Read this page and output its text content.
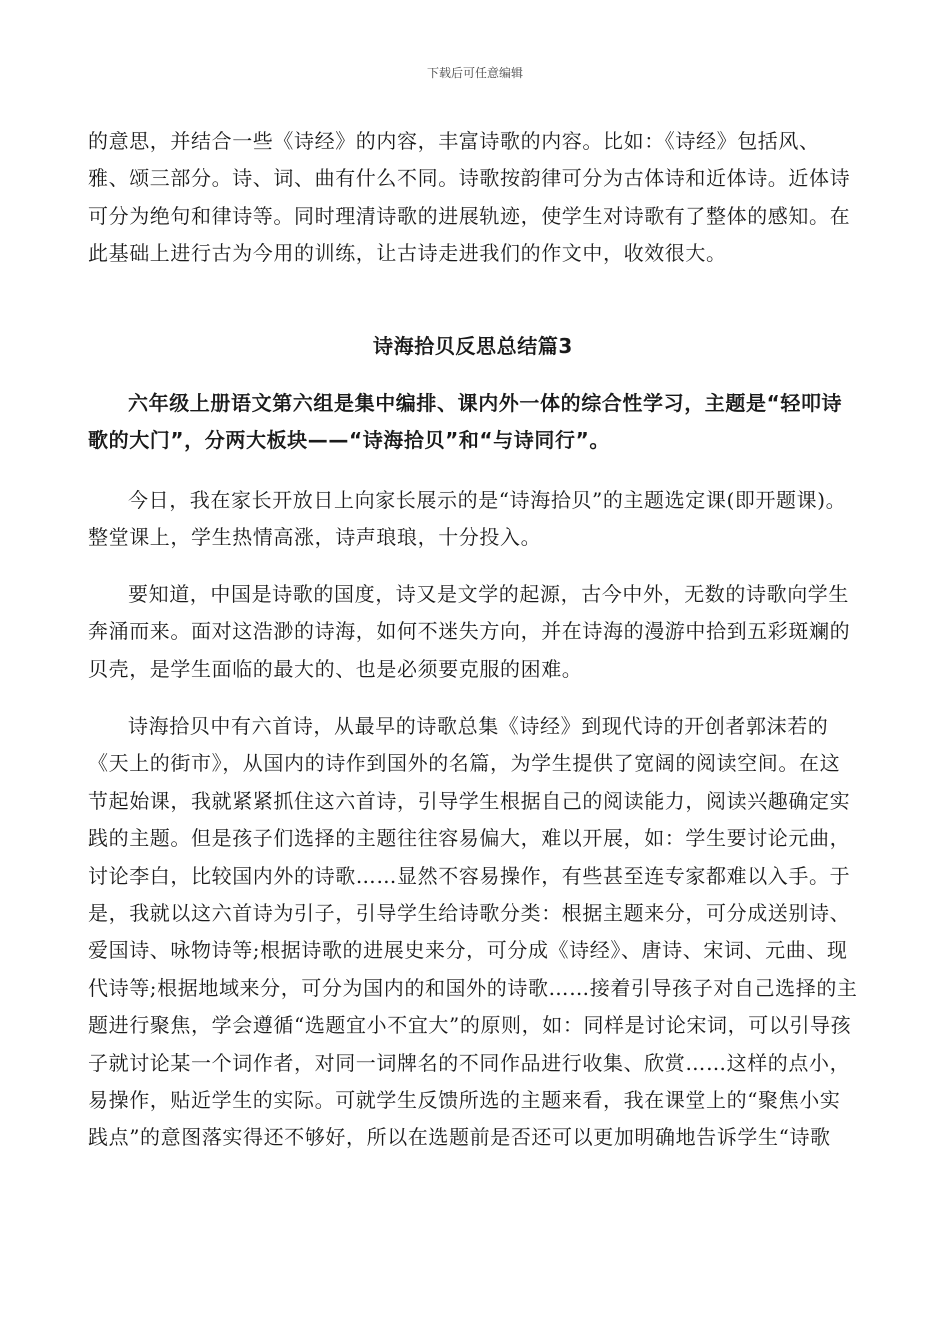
下载后可任意编辑

的意思，并结合一些《诗经》的内容，丰富诗歌的内容。比如：《诗经》包括风、雅、颂三部分。诗、词、曲有什么不同。诗歌按韵律可分为古体诗和近体诗。近体诗可分为绝句和律诗等。同时理清诗歌的进展轨迹，使学生对诗歌有了整体的感知。在此基础上进行古为今用的训练，让古诗走进我们的作文中，收效很大。

诗海拾贝反思总结篇3

六年级上册语文第六组是集中编排、课内外一体的综合性学习，主题是“轻叩诗歌的大门”，分两大板块——“诗海拾贝”和“与诗同行”。

今日，我在家长开放日上向家长展示的是“诗海拾贝”的主题选定课(即开题课)。整堂课上，学生热情高涨，诗声琅琅，十分投入。

要知道，中国是诗歌的国度，诗又是文学的起源，古今中外，无数的诗歌向学生奔涌而来。面对这浩渺的诗海，如何不迷失方向，并在诗海的漫游中拾到五彩斑斓的贝壳，是学生面临的最大的、也是必须要克服的困难。

诗海拾贝中有六首诗，从最早的诗歌总集《诗经》到现代诗的开创者郭沫若的《天上的街市》，从国内的诗作到国外的名篇，为学生提供了宽阔的阅读空间。在这节起始课，我就紧紧抓住这六首诗，引导学生根据自己的阅读能力，阅读兴趣确定实践的主题。但是孩子们选择的主题往往容易偏大，难以开展，如：学生要讨论元曲，讨论李白，比较国内外的诗歌……显然不容易操作，有些甚至连专家都难以入手。于是，我就以这六首诗为引子，引导学生给诗歌分类：根据主题来分，可分成送别诗、爱国诗、咏物诗等;根据诗歌的进展史来分，可分成《诗经》、唐诗、宋词、元曲、现代诗等;根据地域来分，可分为国内的和国外的诗歌……接着引导孩子对自己选择的主题进行聚焦，学会遵循“选题宜小不宜大”的原则，如：同样是讨论宋词，可以引导孩子就讨论某一个词作者，对同一词牌名的不同作品进行收集、欣赏……这样的点小，易操作，贴近学生的实际。可就学生反馈所选的主题来看，我在课堂上的“聚焦小实践点”的意图落实得还不够好，所以在选题前是否还可以更加明确地告诉学生“诗歌
